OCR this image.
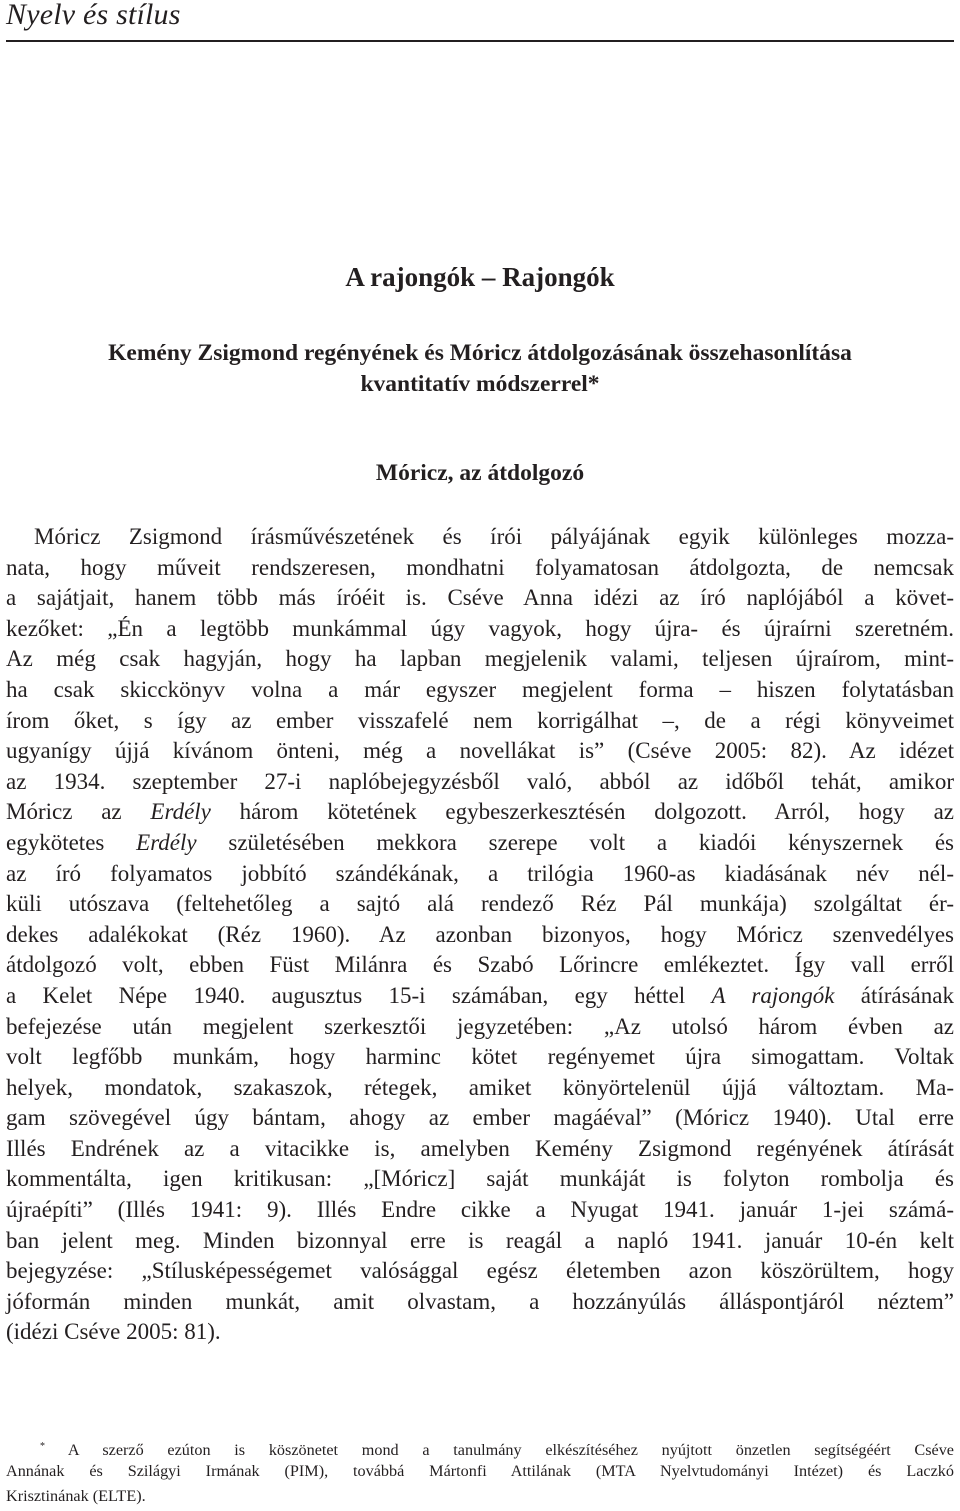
Nyelv és stílus
A rajongók – Rajongók
Kemény Zsigmond regényének és Móricz átdolgozásának összehasonlítása
kvantitatív módszerrel*
Móricz, az átdolgozó
Móricz Zsigmond írásművészetének és írói pályájának egyik különleges mozza-
nata, hogy műveit rendszeresen, mondhatni folyamatosan átdolgozta, de nemcsak
a sajátjait, hanem több más íróéit is. Cséve Anna idézi az író naplójából a követ-
kezőket: „Én a legtöbb munkámmal úgy vagyok, hogy újra- és újraírni szeretném.
Az még csak hagyján, hogy ha lapban megjelenik valami, teljesen újraírom, mint-
ha csak skicckönyv volna a már egyszer megjelent forma – hiszen folytatásban
írom őket, s így az ember visszafelé nem korrigálhat –, de a régi könyveimet
ugyanígy újjá kívánom önteni, még a novellákat is” (Cséve 2005: 82). Az idézet
az 1934. szeptember 27-i naplóbejegyzésből való, abból az időből tehát, amikor
Móricz az Erdély három kötetének egybeszerkesztésén dolgozott. Arról, hogy az
egykötetes Erdély születésében mekkora szerepe volt a kiadói kényszernek és
az író folyamatos jobbító szándékának, a trilógia 1960-as kiadásának név nél-
küli utószava (feltehetőleg a sajtó alá rendező Réz Pál munkája) szolgáltat ér-
dekes adalékokat (Réz 1960). Az azonban bizonyos, hogy Móricz szenvedélyes
átdolgozó volt, ebben Füst Milánra és Szabó Lőrincre emlékeztet. Így vall erről
a Kelet Népe 1940. augusztus 15-i számában, egy héttel A rajongók átírásának
befejezése után megjelent szerkesztői jegyzetében: „Az utolsó három évben az
volt legfőbb munkám, hogy harminc kötet regényemet újra simogattam. Voltak
helyek, mondatok, szakaszok, rétegek, amiket könyörtelenül újjá változtam. Ma-
gam szövegével úgy bántam, ahogy az ember magáéval” (Móricz 1940). Utal erre
Illés Endrének az a vitacikke is, amelyben Kemény Zsigmond regényének átírását
kommentálta, igen kritikusan: „[Móricz] saját munkáját is folyton rombolja és
újraépíti” (Illés 1941: 9). Illés Endre cikke a Nyugat 1941. január 1-jei számá-
ban jelent meg. Minden bizonnyal erre is reagál a napló 1941. január 10-én kelt
bejegyzése: „Stílusképességemet valósággal egész életemben azon köszörültem, hogy
jóformán minden munkát, amit olvastam, a hozzányúlás álláspontjáról néztem”
(idézi Cséve 2005: 81).
* A szerző ezúton is köszönetet mond a tanulmány elkészítéséhez nyújtott önzetlen segítségéért Cséve
Annának és Szilágyi Irmának (PIM), továbbá Mártonfi Attilának (MTA Nyelvtudományi Intézet) és Laczkó
Krisztinának (ELTE).
